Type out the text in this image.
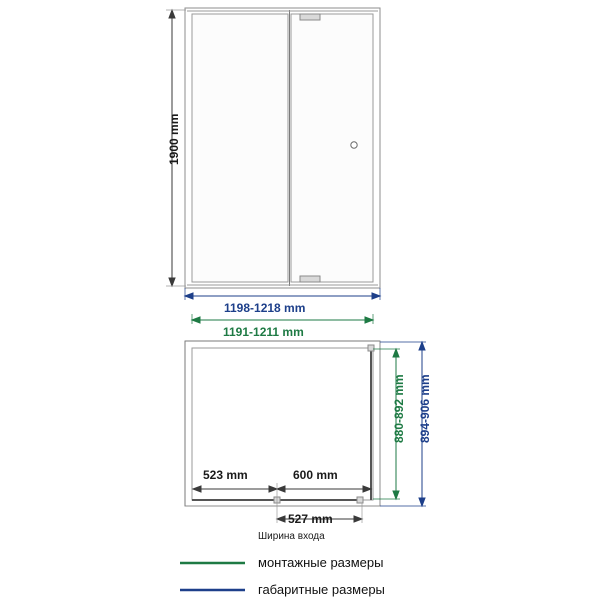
1900 mm
1198-1218 mm
1191-1211 mm
880-892 mm 894-906 mm
523 mm	600 mm
527 mm
Ширина входа
монтажные размеры
габаритные размеры
